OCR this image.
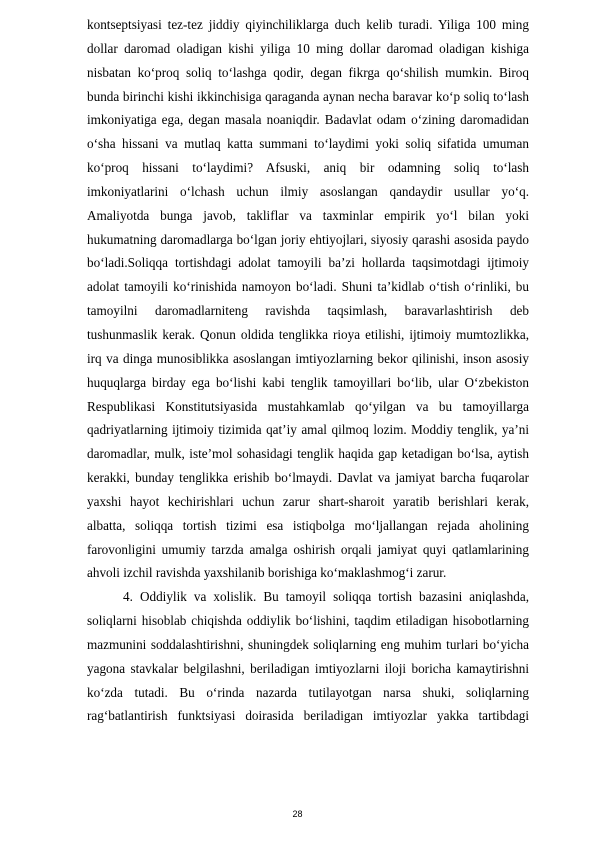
kontseptsiyasi tez-tez jiddiy qiyinchiliklarga duch kelib turadi. Yiliga 100 ming
dollar daromad oladigan kishi yiliga 10 ming dollar daromad oladigan kishiga
nisbatan ko‘proq soliq to‘lashga qodir, degan fikrga qo‘shilish mumkin. Biroq
bunda birinchi kishi ikkinchisiga qaraganda aynan necha baravar ko‘p soliq to‘lash
imkoniyatiga ega, degan masala noaniqdir. Badavlat odam o‘zining daromadidan
o‘sha hissani va mutlaq katta summani to‘laydimi yoki soliq sifatida umuman
ko‘proq hissani to‘laydimi? Afsuski, aniq bir odamning soliq to‘lash
imkoniyatlarini o‘lchash uchun ilmiy asoslangan qandaydir usullar yo‘q.
Amaliyotda bunga javob, takliflar va taxminlar empirik yo‘l bilan yoki
hukumatning daromadlarga bo‘lgan joriy ehtiyojlari, siyosiy qarashi asosida paydo
bo‘ladi.Soliqqa tortishdagi adolat tamoyili ba’zi hollarda taqsimotdagi ijtimoiy
adolat tamoyili ko‘rinishida namoyon bo‘ladi. Shuni ta’kidlab o‘tish o‘rinliki, bu
tamoyilni daromadlarniteng ravishda taqsimlash, baravarlashtirish deb
tushunmaslik kerak. Qonun oldida tenglikka rioya etilishi, ijtimoiy mumtozlikka,
irq va dinga munosiblikka asoslangan imtiyozlarning bekor qilinishi, inson asosiy
huquqlarga birday ega bo‘lishi kabi tenglik tamoyillari bo‘lib, ular O‘zbekiston
Respublikasi Konstitutsiyasida mustahkamlab qo‘yilgan va bu tamoyillarga
qadriyatlarning ijtimoiy tizimida qat’iy amal qilmoq lozim. Moddiy tenglik, ya’ni
daromadlar, mulk, iste’mol sohasidagi tenglik haqida gap ketadigan bo‘lsa, aytish
kerakki, bunday tenglikka erishib bo‘lmaydi. Davlat va jamiyat barcha fuqarolar
yaxshi hayot kechirishlari uchun zarur shart-sharoit yaratib berishlari kerak,
albatta, soliqqa tortish tizimi esa istiqbolga mo‘ljallangan rejada aholining
farovonligini umumiy tarzda amalga oshirish orqali jamiyat quyi qatlamlarining
ahvoli izchil ravishda yaxshilanib borishiga ko‘maklashmog‘i zarur.
4. Oddiylik va xolislik. Bu tamoyil soliqqa tortish bazasini aniqlashda,
soliqlarni hisoblab chiqishda oddiylik bo‘lishini, taqdim etiladigan hisobotlarning
mazmunini soddalashtirishni, shuningdek soliqlarning eng muhim turlari bo‘yicha
yagona stavkalar belgilashni, beriladigan imtiyozlarni iloji boricha kamaytirishni
ko‘zda tutadi. Bu o‘rinda nazarda tutilayotgan narsa shuki, soliqlarning
rag‘batlantirish funktsiyasi doirasida beriladigan imtiyozlar yakka tartibdagi
28
